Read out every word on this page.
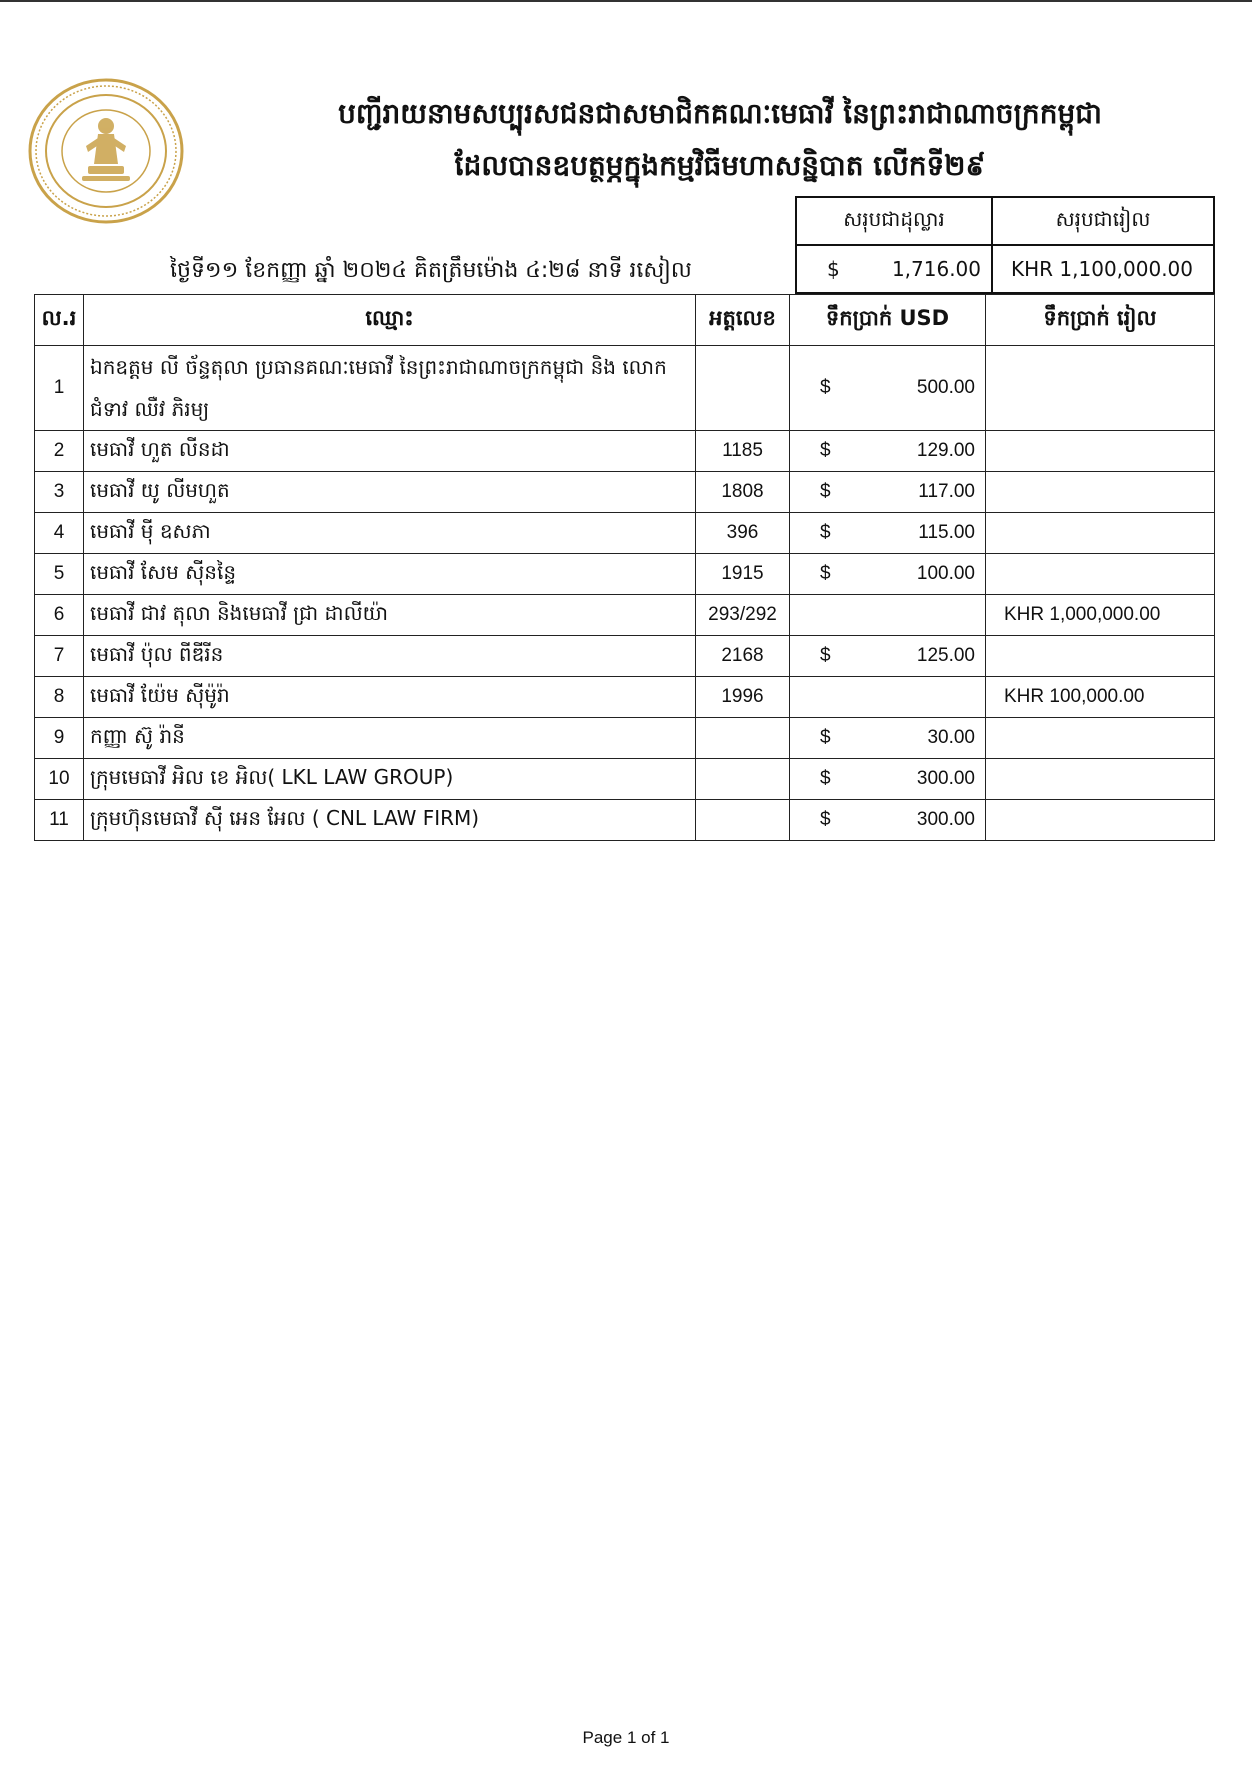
បញ្ជីរាយនាមសប្បុរសជនជាសមាជិកគណៈមេធាវី នៃព្រះរាជាណាចក្រកម្ពុជា
ដែលបានឧបត្ថម្ភក្នុងកម្មវិធីមហាសន្និបាត លើកទី២៩
ថ្ងៃទី១១ ខែកញ្ញា ឆ្នាំ ២០២៤ គិតត្រឹមម៉ោង ៤:២៨ នាទី រសៀល
សរុបជាដុល្លារ	សរុបជារៀល

$ 1,716.00	KHR 1,100,000.00
ល.រ	ឈ្មោះ	អត្តលេខ	ទឹកប្រាក់ USD	ទឹកប្រាក់ រៀល
1	ឯកឧត្តម លី ច័ន្ទតុលា ប្រធានគណៈមេធាវី នៃព្រះរាជាណាចក្រកម្ពុជា និង លោកជំទាវ ឈឺវ ភិរម្យ		$ 500.00	

2	មេធាវី ហួត លីនដា	1185	$ 129.00	

3	មេធាវី យូ លីមហួត	1808	$ 117.00	

4	មេធាវី ម៉ី ឧសភា	396	$ 115.00	

5	មេធាវី សែម ស៊ីនន្ទៃ	1915	$ 100.00	

6	មេធាវី ជាវ តុលា និងមេធាវី ជ្រា ដាលីយ៉ា	293/292		KHR 1,000,000.00
7	មេធាវី ប៉ុល ពីឌីរីន	2168	$ 125.00	

8	មេធាវី យ៉ែម ស៊ីម៉ូរ៉ា	1996		KHR 100,000.00
9	កញ្ញា ស៊ូ រ៉ានី		$ 30.00	

10	ក្រុមមេធាវី អិល ខេ អិល( LKL LAW GROUP)		$ 300.00	

11	ក្រុមហ៊ុនមេធាវី ស៊ី អេន អែល ( CNL LAW FIRM)		$ 300.00	

Page 1 of 1
